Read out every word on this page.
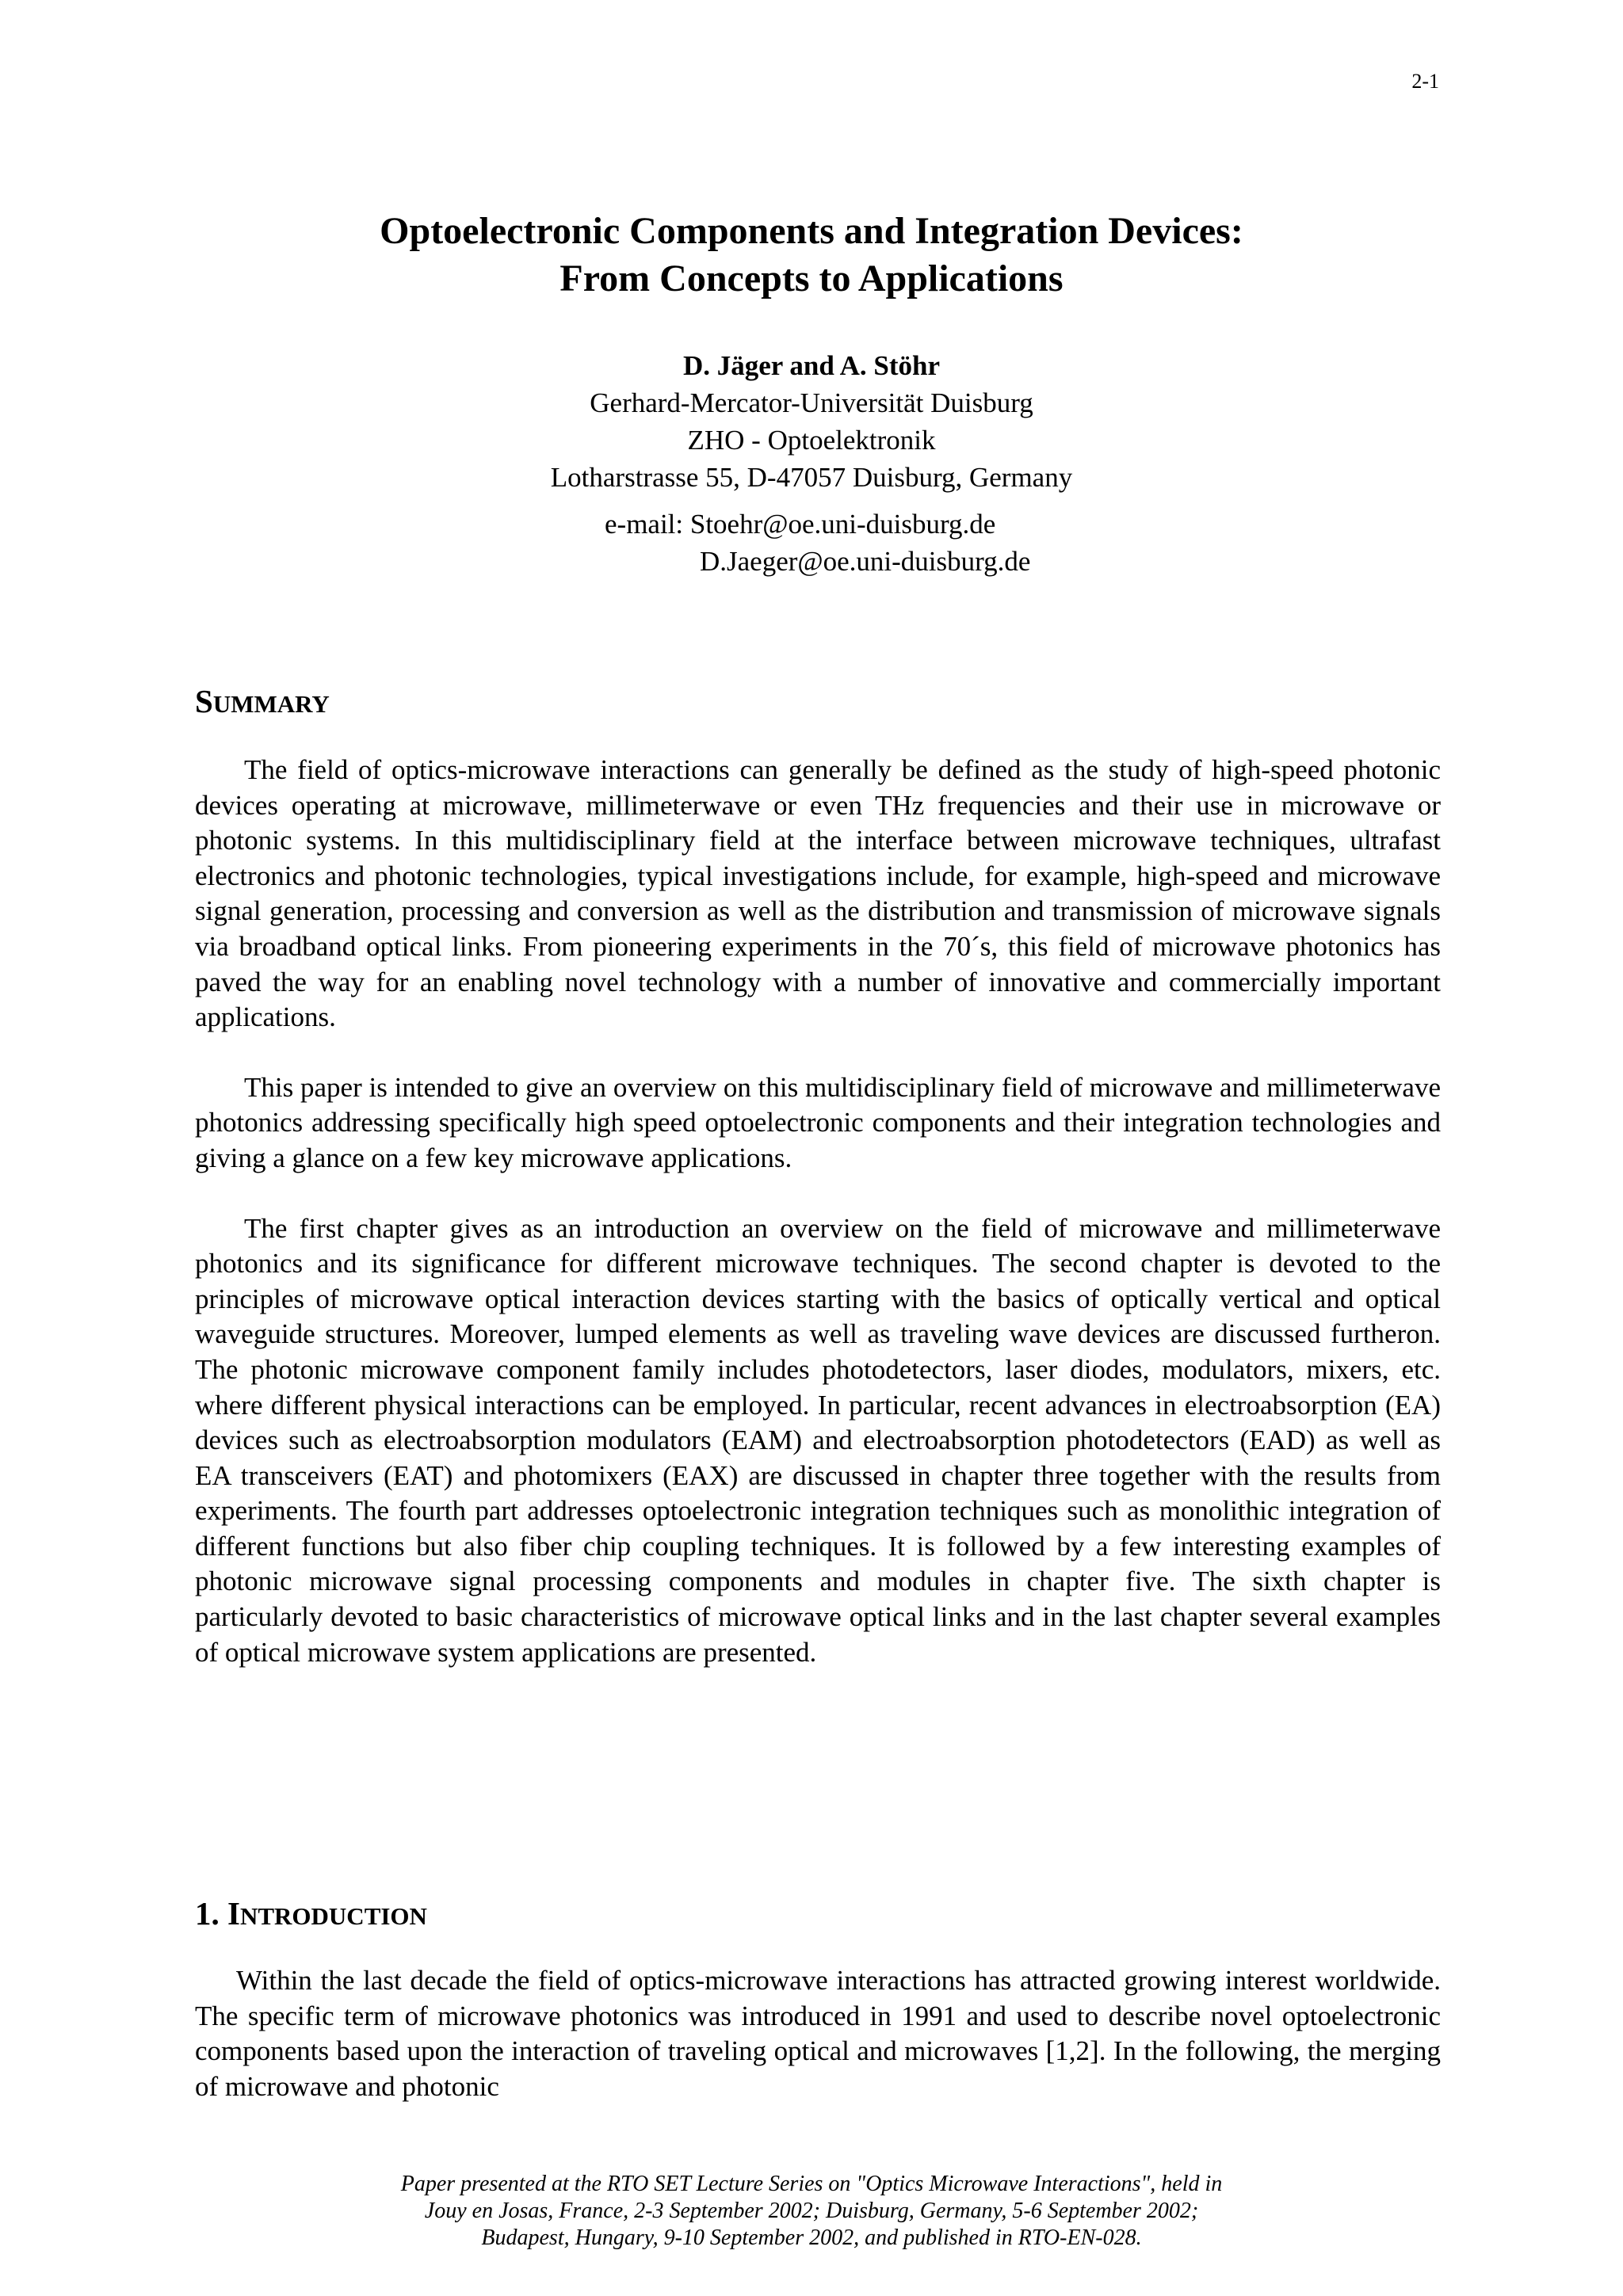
2-1
Optoelectronic Components and Integration Devices:
From Concepts to Applications
D. Jäger and A. Stöhr
Gerhard-Mercator-Universität Duisburg
ZHO - Optoelektronik
Lotharstrasse 55, D-47057 Duisburg, Germany
e-mail: Stoehr@oe.uni-duisburg.de
D.Jaeger@oe.uni-duisburg.de
SUMMARY

The field of optics-microwave interactions can generally be defined as the study of high-speed photonic devices operating at microwave, millimeterwave or even THz frequencies and their use in microwave or photonic systems. In this multidisciplinary field at the interface between microwave techniques, ultrafast electronics and photonic technologies, typical investigations include, for example, high-speed and microwave signal generation, processing and conversion as well as the distribution and transmission of microwave signals via broadband optical links. From pioneering experiments in the 70´s, this field of microwave photonics has paved the way for an enabling novel technology with a number of innovative and commercially important applications.

This paper is intended to give an overview on this multidisciplinary field of microwave and millimeterwave photonics addressing specifically high speed optoelectronic components and their integration technologies and giving a glance on a few key microwave applications.

The first chapter gives as an introduction an overview on the field of microwave and millimeterwave photonics and its significance for different microwave techniques. The second chapter is devoted to the principles of microwave optical interaction devices starting with the basics of optically vertical and optical waveguide structures. Moreover, lumped elements as well as traveling wave devices are discussed furtheron. The photonic microwave component family includes photodetectors, laser diodes, modulators, mixers, etc. where different physical interactions can be employed. In particular, recent advances in electroabsorption (EA) devices such as electroabsorption modulators (EAM) and electroabsorption photodetectors (EAD) as well as EA transceivers (EAT) and photomixers (EAX) are discussed in chapter three together with the results from experiments. The fourth part addresses optoelectronic integration techniques such as monolithic integration of different functions but also fiber chip coupling techniques. It is followed by a few interesting examples of photonic microwave signal processing components and modules in chapter five. The sixth chapter is particularly devoted to basic characteristics of microwave optical links and in the last chapter several examples of optical microwave system applications are presented.

1. INTRODUCTION

Within the last decade the field of optics-microwave interactions has attracted growing interest worldwide. The specific term of microwave photonics was introduced in 1991 and used to describe novel optoelectronic components based upon the interaction of traveling optical and microwaves [1,2]. In the following, the merging of microwave and photonic

Paper presented at the RTO SET Lecture Series on "Optics Microwave Interactions", held in
Jouy en Josas, France, 2-3 September 2002; Duisburg, Germany, 5-6 September 2002;
Budapest, Hungary, 9-10 September 2002, and published in RTO-EN-028.
